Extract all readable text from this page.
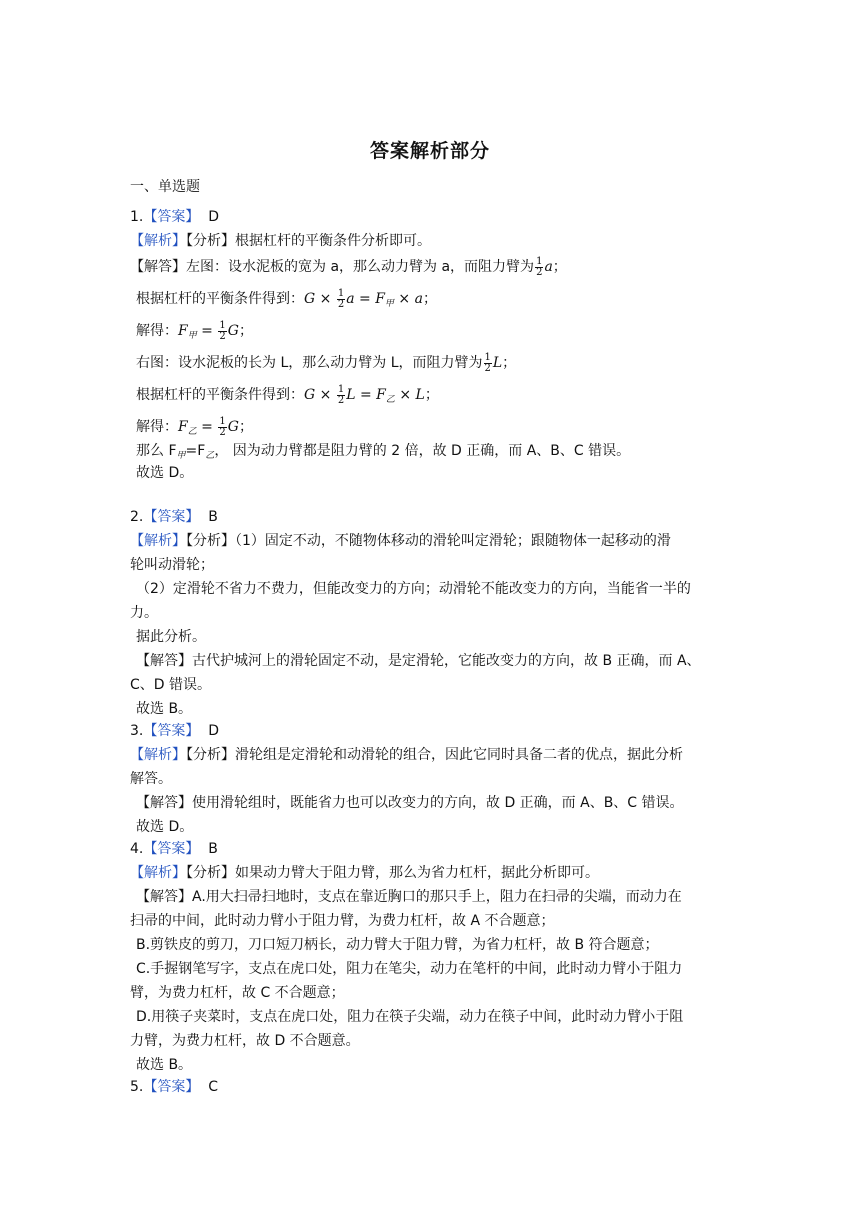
答案解析部分
一、单选题
1.【答案】 D
【解析】【分析】根据杠杆的平衡条件分析即可。
【解答】左图：设水泥板的宽为 a，那么动力臂为 a，而阻力臂为 $\frac{1}{2}$ a；
根据杠杆的平衡条件得到：$G \times \frac{1}{2}$ $a = F_甲 \times a$；
解得：$F_甲 = \frac{1}{2}$ G；
右图：设水泥板的长为 L，那么动力臂为 L，而阻力臂为 $\frac{1}{2}$ L；
根据杠杆的平衡条件得到：$G \times \frac{1}{2}$ $L = F_乙 \times L$；
解得：$F_乙 = \frac{1}{2}$ G；
那么 $F_甲=F_乙$， 因为动力臂都是阻力臂的 2 倍，故 D 正确，而 A、B、C 错误。
故选 D。
2.【答案】 B
【解析】【分析】（1）固定不动，不随物体移动的滑轮叫定滑轮；跟随物体一起移动的滑
轮叫动滑轮；
（2）定滑轮不省力不费力，但能改变力的方向；动滑轮不能改变力的方向，当能省一半的
力。
据此分析。
【解答】古代护城河上的滑轮固定不动，是定滑轮，它能改变力的方向，故 B 正确，而 A、
C、D 错误。
故选 B。
3.【答案】 D
【解析】【分析】滑轮组是定滑轮和动滑轮的组合，因此它同时具备二者的优点，据此分析
解答。
【解答】使用滑轮组时，既能省力也可以改变力的方向，故 D 正确，而 A、B、C 错误。
故选 D。
4.【答案】 B
【解析】【分析】如果动力臂大于阻力臂，那么为省力杠杆，据此分析即可。
【解答】A.用大扫帚扫地时，支点在靠近胸口的那只手上，阻力在扫帚的尖端，而动力在
扫帚的中间，此时动力臂小于阻力臂，为费力杠杆，故 A 不合题意；
B.剪铁皮的剪刀，刀口短刀柄长，动力臂大于阻力臂，为省力杠杆，故 B 符合题意；
C.手握钢笔写字，支点在虎口处，阻力在笔尖，动力在笔杆的中间，此时动力臂小于阻力
臂，为费力杠杆，故 C 不合题意；
D.用筷子夹菜时，支点在虎口处，阻力在筷子尖端，动力在筷子中间，此时动力臂小于阻
力臂，为费力杠杆，故 D 不合题意。
故选 B。
5.【答案】 C
